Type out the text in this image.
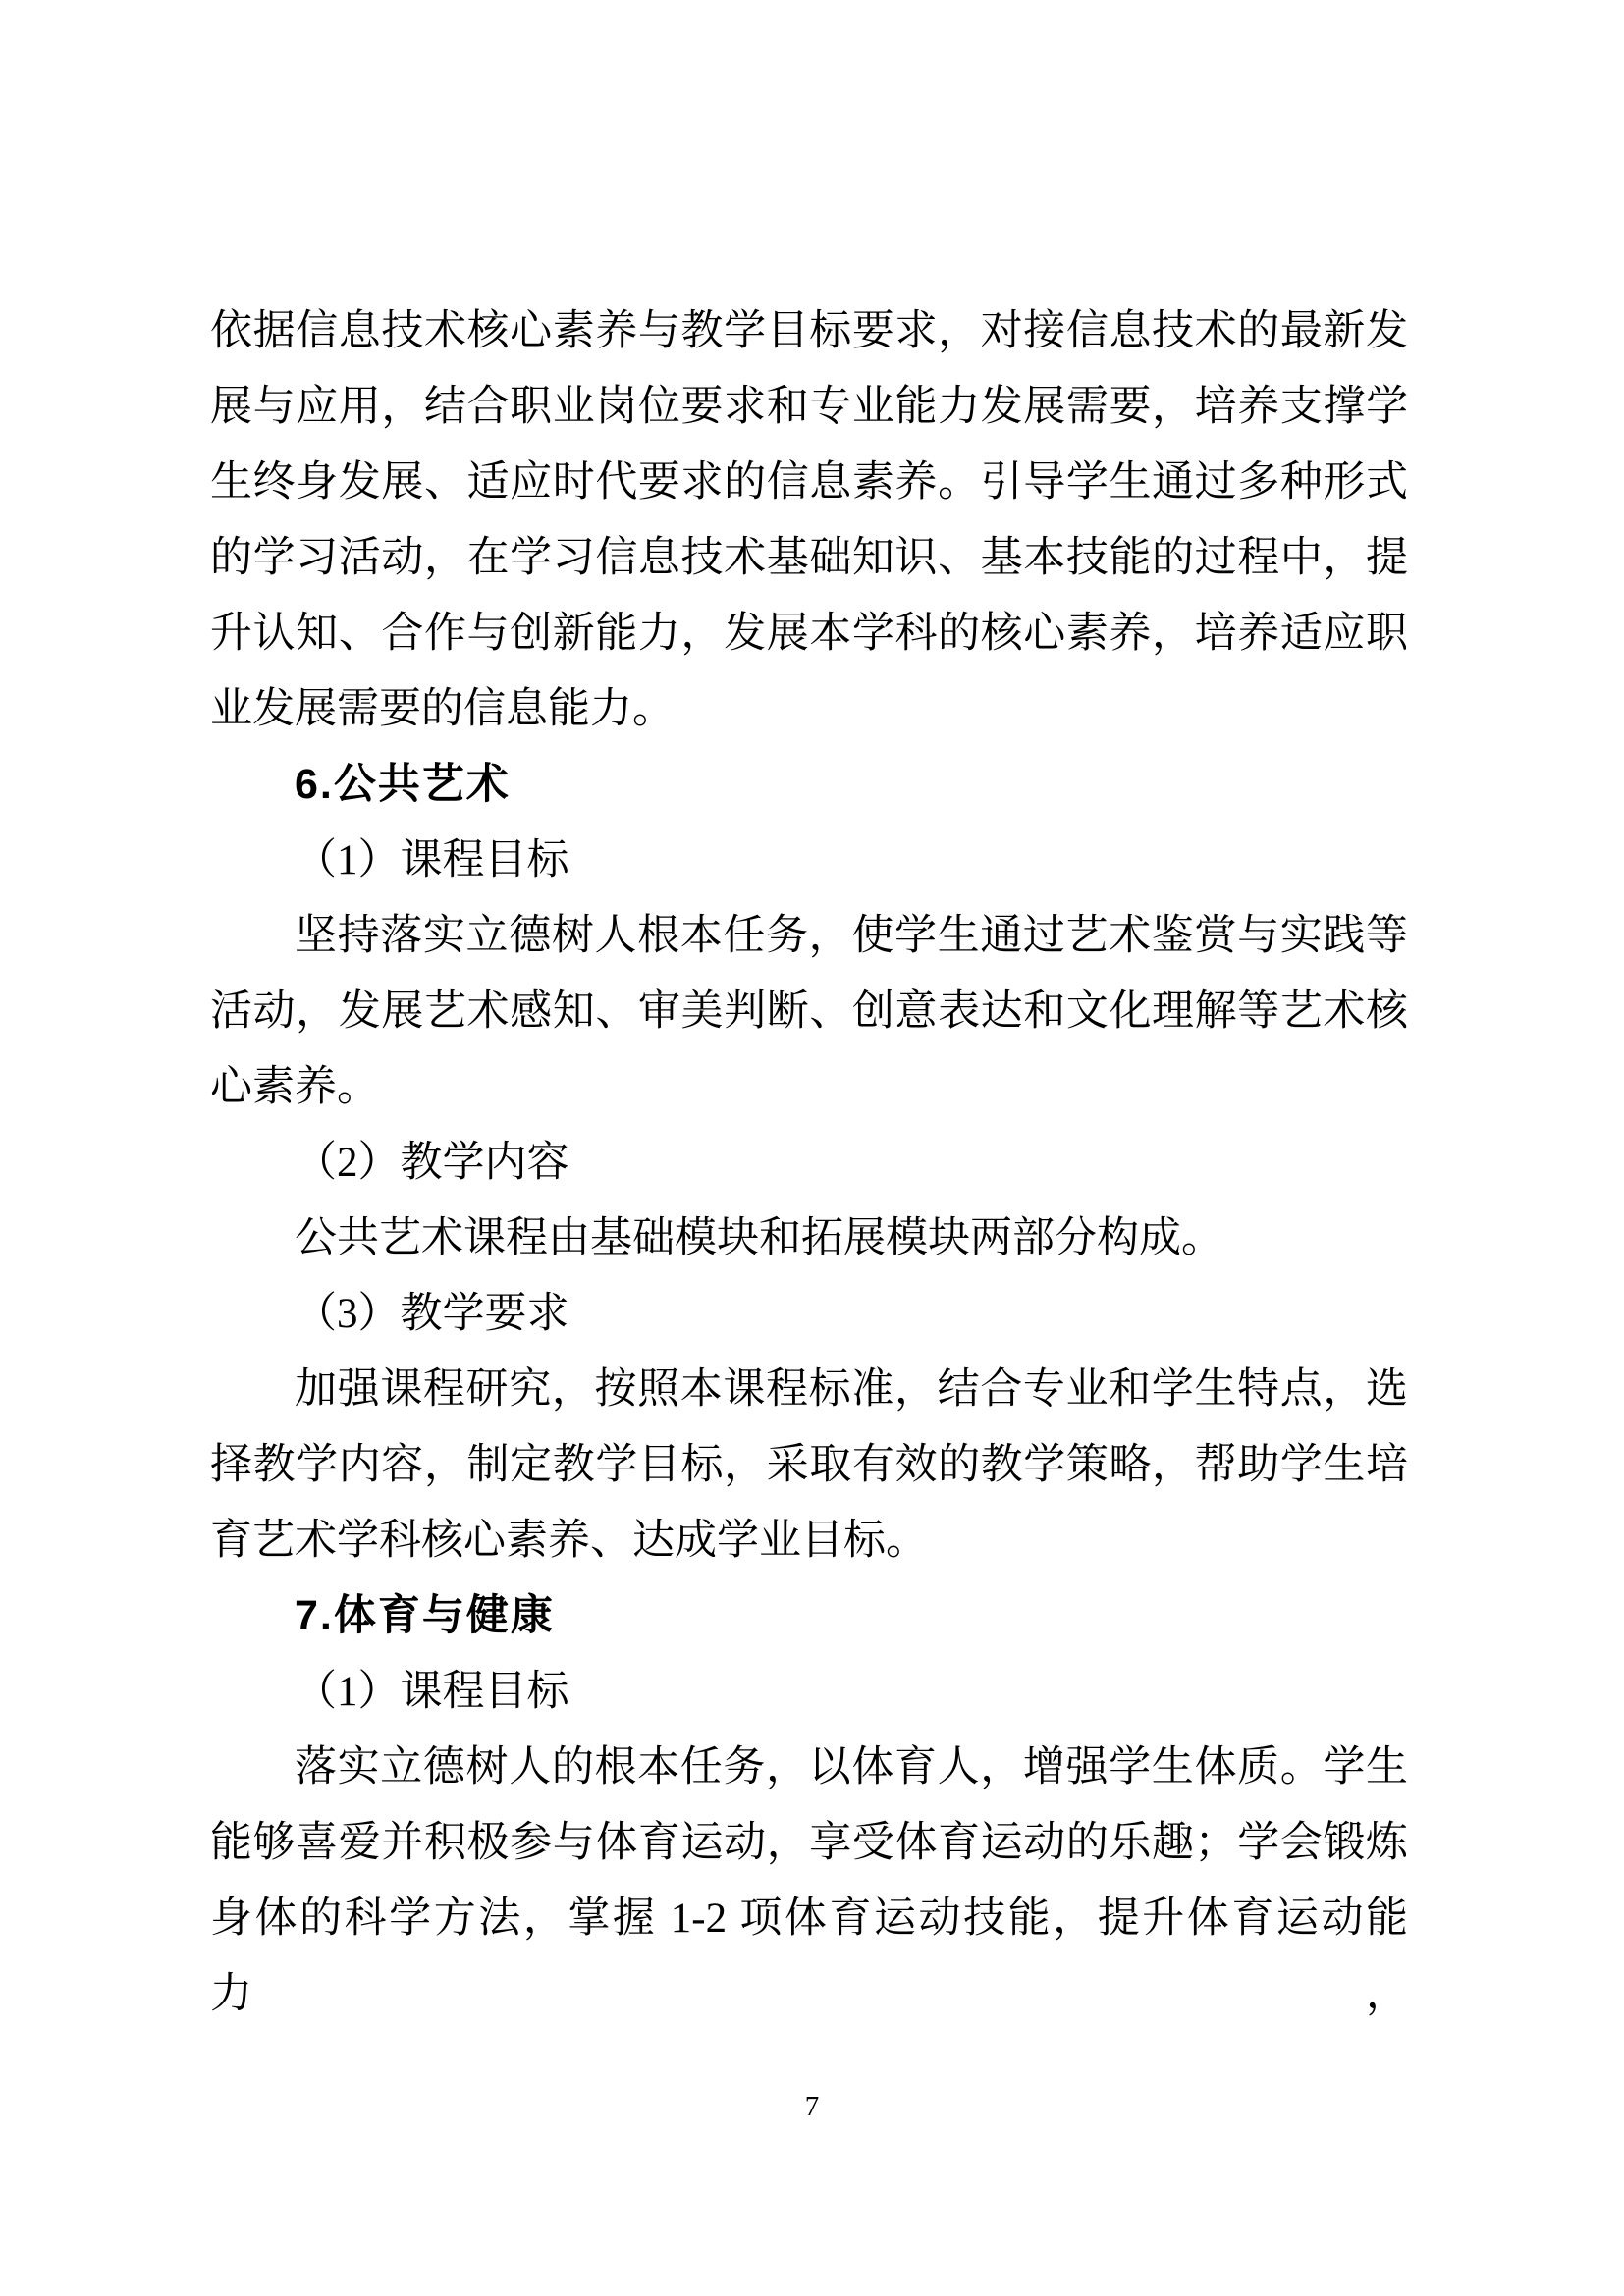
依据信息技术核心素养与教学目标要求，对接信息技术的最新发
展与应用，结合职业岗位要求和专业能力发展需要，培养支撑学
生终身发展、适应时代要求的信息素养。引导学生通过多种形式
的学习活动，在学习信息技术基础知识、基本技能的过程中，提
升认知、合作与创新能力，发展本学科的核心素养，培养适应职
业发展需要的信息能力。
6.公共艺术
（1）课程目标
坚持落实立德树人根本任务，使学生通过艺术鉴赏与实践等
活动，发展艺术感知、审美判断、创意表达和文化理解等艺术核
心素养。
（2）教学内容
公共艺术课程由基础模块和拓展模块两部分构成。
（3）教学要求
加强课程研究，按照本课程标准，结合专业和学生特点，选
择教学内容，制定教学目标，采取有效的教学策略，帮助学生培
育艺术学科核心素养、达成学业目标。
7.体育与健康
（1）课程目标
落实立德树人的根本任务，以体育人，增强学生体质。学生
能够喜爱并积极参与体育运动，享受体育运动的乐趣；学会锻炼
身体的科学方法，掌握 1-2 项体育运动技能，提升体育运动能力，
7
